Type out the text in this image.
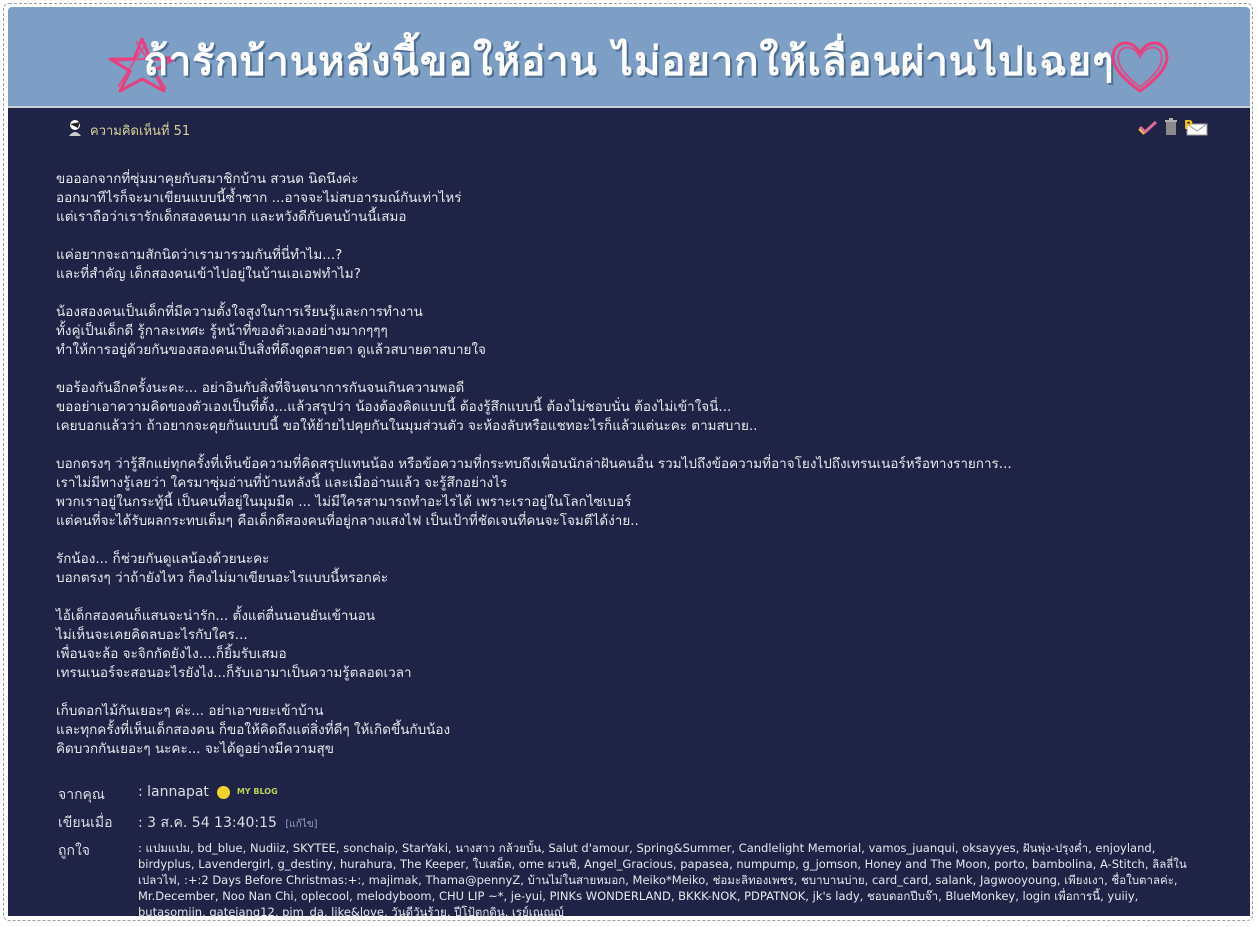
ถ้ารักบ้านหลังนี้ขอให้อ่าน ไม่อยากให้เลื่อนผ่านไปเฉยๆ
ความคิดเห็นที่ 51	P

ขอออกจากที่ซุ่มมาคุยกับสมาชิกบ้าน สวนด นิดนึงค่ะ
ออกมาทีไรก็จะมาเขียนแบบนี้ซ้ำซาก ...อาจจะไม่สบอารมณ์กันเท่าไหร่
แต่เราถือว่าเรารักเด็กสองคนมาก และหวังดีกับคนบ้านนี้เสมอ

แค่อยากจะถามสักนิดว่าเรามารวมกันที่นี่ทำไม...?
และที่สำคัญ เด็กสองคนเข้าไปอยู่ในบ้านเอเอฟทำไม?

น้องสองคนเป็นเด็กที่มีความตั้งใจสูงในการเรียนรู้และการทำงาน
ทั้งคู่เป็นเด็กดี รู้กาละเทศะ รู้หน้าที่ของตัวเองอย่างมากๆๆๆ
ทำให้การอยู่ด้วยกันของสองคนเป็นสิ่งที่ดึงดูดสายตา ดูแล้วสบายตาสบายใจ

ขอร้องกันอีกครั้งนะคะ... อย่าอินกับสิ่งที่จินตนาการกันจนเกินความพอดี
ขออย่าเอาความคิดของตัวเองเป็นที่ตั้ง...แล้วสรุปว่า น้องต้องคิดแบบนี้ ต้องรู้สึกแบบนี้ ต้องไม่ชอบนั่น ต้องไม่เข้าใจนี่...
เคยบอกแล้วว่า ถ้าอยากจะคุยกันแบบนี้ ขอให้ย้ายไปคุยกันในมุมส่วนตัว จะห้องลับหรือแชทอะไรก็แล้วแต่นะคะ ตามสบาย..

บอกตรงๆ ว่ารู้สึกแย่ทุกครั้งที่เห็นข้อความที่คิดสรุปแทนน้อง หรือข้อความที่กระทบถึงเพื่อนนักล่าฝันคนอื่น รวมไปถึงข้อความที่อาจโยงไปถึงเทรนเนอร์หรือทางรายการ...
เราไม่มีทางรู้เลยว่า ใครมาซุ่มอ่านที่บ้านหลังนี้ และเมื่ออ่านแล้ว จะรู้สึกอย่างไร
พวกเราอยู่ในกระทู้นี้ เป็นคนที่อยู่ในมุมมืด ... ไม่มีใครสามารถทำอะไรได้ เพราะเราอยู่ในโลกไซเบอร์
แต่คนที่จะได้รับผลกระทบเต็มๆ คือเด็กดีสองคนที่อยู่กลางแสงไฟ เป็นเป้าที่ชัดเจนที่คนจะโจมตีได้ง่าย..

รักน้อง... ก็ช่วยกันดูแลน้องด้วยนะคะ
บอกตรงๆ ว่าถ้ายังไหว ก็คงไม่มาเขียนอะไรแบบนี้หรอกค่ะ

ไอ้เด็กสองคนก็แสนจะน่ารัก... ตั้งแต่ตื่นนอนยันเข้านอน
ไม่เห็นจะเคยคิดลบอะไรกับใคร...
เพื่อนจะล้อ จะจิกกัดยังไง....ก็ยิ้มรับเสมอ
เทรนเนอร์จะสอนอะไรยังไง...ก็รับเอามาเป็นความรู้ตลอดเวลา

เก็บดอกไม้กันเยอะๆ ค่ะ... อย่าเอาขยะเข้าบ้าน
และทุกครั้งที่เห็นเด็กสองคน ก็ขอให้คิดถึงแต่สิ่งที่ดีๆ ให้เกิดขึ้นกับน้อง
คิดบวกกันเยอะๆ นะคะ... จะได้ดูอย่างมีความสุข

จากคุณ	: lannapat	MY BLOG
เขียนเมื่อ	: 3 ส.ค. 54 13:40:15 [แก้ไข]
ถูกใจ	: แปมแปม, bd_blue, Nudiiz, SKYTEE, sonchaip, StarYaki, นางสาว กล้วยบั้น, Salut d'amour, Spring&Summer, Candlelight Memorial, vamos_juanqui, oksayyes, ฝันพุ่ง-ปรุงค่ำ, enjoyland, birdyplus, Lavendergirl, g_destiny, hurahura, The Keeper, ใบเสม็ด, ome ผวนชิ, Angel_Gracious, papasea, numpump, g_jomson, Honey and The Moon, porto, bambolina, A-Stitch, ลิลลี่ในเปลวไฟ, :+:2 Days Before Christmas:+:, majimak, Thama@pennyZ, บ้านไม่ในสายหมอก, Meiko*Meiko, ช่อมะลิทองเพชร, ชบาบานบ่าย, card_card, salank, Jagwooyoung, เพียงเงา, ชื่อใบตาลค่ะ, Mr.December, Noo Nan Chi, oplecool, melodyboom, CHU LIP ~*, je-yui, PINKs WONDERLAND, BKKK-NOK, PDPATNOK, jk's lady, ชอบดอกปีบจ๊า, BlueMonkey, login เพื่อการนี้, yuiiy, butasomjin, gatejang12, pim_da, like&love, วันดีวันร้าย, ปีโป้ตกดิน, เรย์เณณญ์
